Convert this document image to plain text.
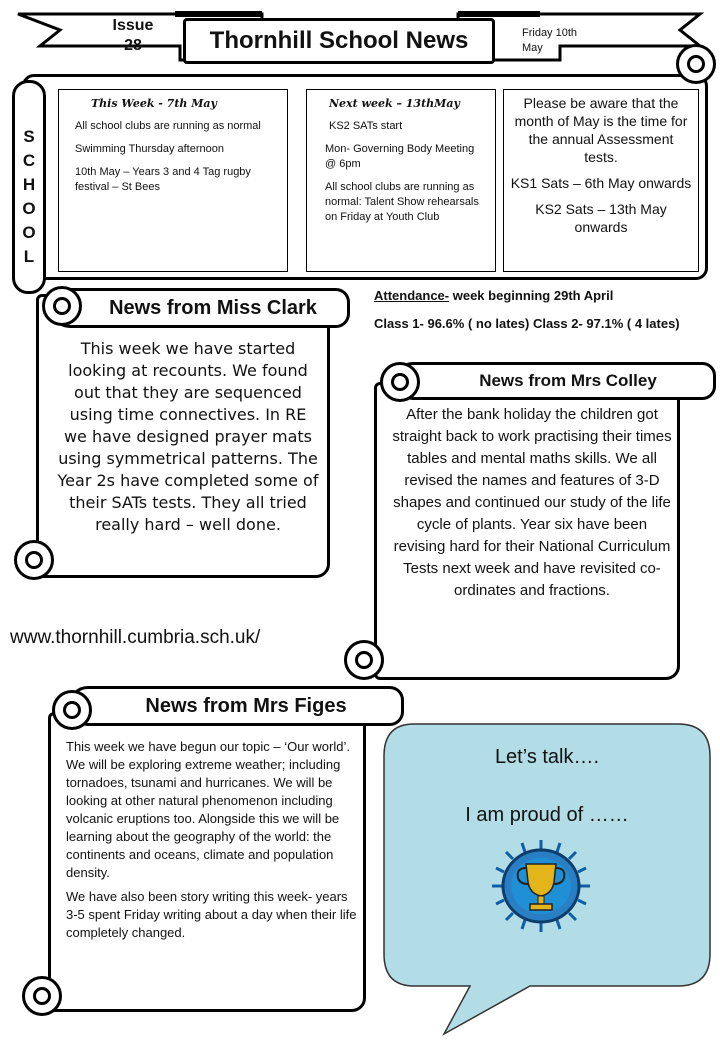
Issue
28	Thornhill School News	Friday 10th May
S
C
H
O
O
L
This Week - 7th May

All school clubs are running as normal

Swimming Thursday afternoon

10th May – Years 3 and 4 Tag rugby festival – St Bees

Next week – 13thMay

KS2 SATs start

Mon- Governing Body Meeting @ 6pm

All school clubs are running as normal: Talent Show rehearsals on Friday at Youth Club

Please be aware that the month of May is the time for the annual Assessment tests.

KS1 Sats – 6th May onwards

KS2 Sats – 13th May onwards

News from Miss Clark
This week we have started looking at recounts. We found out that they are sequenced using time connectives. In RE we have designed prayer mats using symmetrical patterns. The Year 2s have completed some of their SATs tests. They all tried really hard – well done.
Attendance- week beginning 29th April
Class 1- 96.6% ( no lates) Class 2- 97.1% ( 4 lates)
News from Mrs Colley
After the bank holiday the children got straight back to work practising their times tables and mental maths skills. We all revised the names and features of 3-D shapes and continued our study of the life cycle of plants. Year six have been revising hard for their National Curriculum Tests next week and have revisited co-ordinates and fractions.
www.thornhill.cumbria.sch.uk/
News from Mrs Figes

This week we have begun our topic – ‘Our world’. We will be exploring extreme weather; including tornadoes, tsunami and hurricanes. We will be looking at other natural phenomenon including volcanic eruptions too. Alongside this we will be learning about the geography of the world: the continents and oceans, climate and population density.

We have also been story writing this week- years 3-5 spent Friday writing about a day when their life completely changed.

Let’s talk….
I am proud of ……
